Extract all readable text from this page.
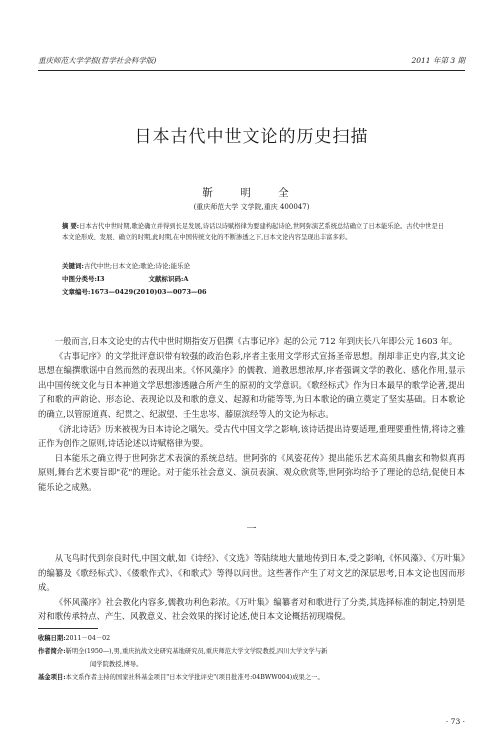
重庆师范大学学报(哲学社会科学版)	2011 年第 3 期
日本古代中世文论的历史扫描
靳 明 全
(重庆师范大学 文学院,重庆 400047)
摘 要:日本古代中世时期,歌论确立并得到长足发展,诗话以诗赋格律为要建构起诗论,世阿弥演艺系统总结确立了日本能乐论。古代中世是日本文论形成、发展、确立的时期,此时期,在中国传统文化的不断渗透之下,日本文论内容呈现出丰富多彩。
关键词:古代中世;日本文论;歌论;诗论;能乐论
中图分类号:I3	文献标识码:A
文章编号:1673—0429(2010)03—0073—06

一般而言,日本文论史的古代中世时期指安万侣撰《古事记序》起的公元 712 年到庆长八年即公元 1603 年。

《古事记序》的文学批评意识带有较强的政治色彩,序者主张用文学形式宣扬圣帝思想。削却非正史内容,其文论思想在编撰歌谣中自然而然的表现出来。《怀风藻序》的儒教、道教思想浓厚,序者强调文学的教化、感化作用,显示出中国传统文化与日本神道文学思想渗透融合所产生的原初的文学意识。《歌经标式》作为日本最早的歌学论著,提出了和歌的声韵论、形态论、表现论以及和歌的意义、起源和功能等等,为日本歌论的确立奠定了坚实基础。日本歌论的确立,以管原道真、纪贯之、纪淑望、壬生忠岑、藤原滨经等人的文论为标志。

《济北诗话》历来被视为日本诗论之嚆矢。受古代中国文学之影响,该诗话提出诗要适理,重理要重性情,将诗之雅正作为创作之原则,诗话论述以诗赋格律为要。

日本能乐之确立得于世阿弥艺术表演的系统总结。世阿弥的《风姿花传》提出能乐艺术高须具幽玄和物似真再原则,舞台艺术要旨即"花"的理论。对于能乐社会意义、演员表演、观众欣赏等,世阿弥均给予了理论的总结,促使日本能乐论之成熟。

一

从飞鸟时代到奈良时代,中国文献,如《诗经》、《文选》等陆续地大量地传到日本,受之影响,《怀风藻》、《万叶集》的编纂及《歌经标式》、《倭歌作式》、《和歌式》等得以问世。这些著作产生了对文艺的深层思考,日本文论也因而形成。

《怀风藻序》社会教化内容多,儒教功利色彩浓。《万叶集》编纂者对和歌进行了分类,其选择标准的制定,特别是对和歌传承特点、产生、风教意义、社会效果的探讨论述,使日本文论概括初现端倪。

收稿日期:2011－04－02
作者简介:靳明全(1950—),男,重庆抗战文史研究基地研究员,重庆师范大学文学院教授,四川大学文学与新
闻学院教授,博导。
基金项目:本文系作者主持的国家社科基金项目"日本文学批评史"(项目批准号:04BWW004)成果之一。
· 73 ·
